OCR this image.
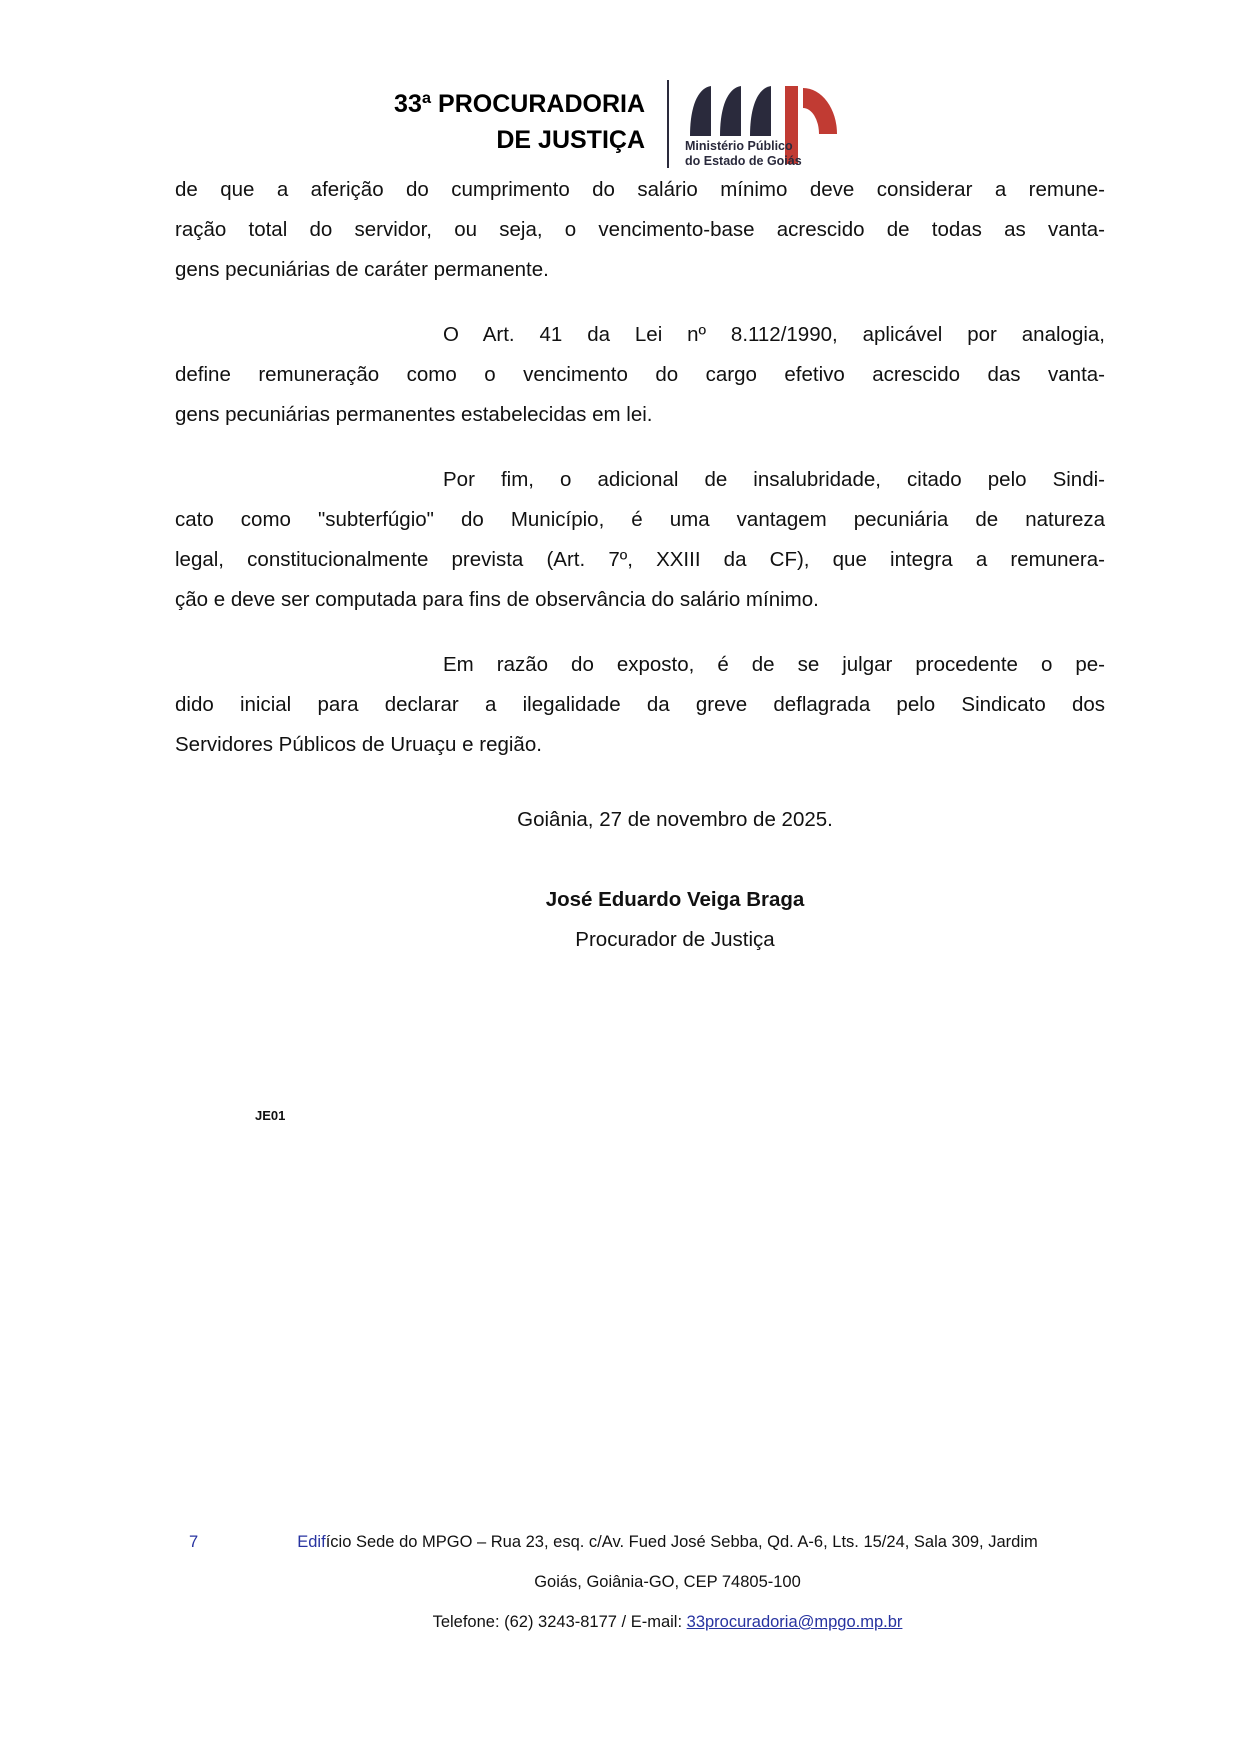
33ª PROCURADORIA
DE JUSTIÇA	Ministério Público
do Estado de Goiás
de que a aferição do cumprimento do salário mínimo deve considerar a remune-
ração total do servidor, ou seja, o vencimento-base acrescido de todas as vanta-
gens pecuniárias de caráter permanente.
O Art. 41 da Lei nº 8.112/1990, aplicável por analogia,
define remuneração como o vencimento do cargo efetivo acrescido das vanta-
gens pecuniárias permanentes estabelecidas em lei.
Por fim, o adicional de insalubridade, citado pelo Sindi-
cato como "subterfúgio" do Município, é uma vantagem pecuniária de natureza
legal, constitucionalmente prevista (Art. 7º, XXIII da CF), que integra a remunera-
ção e deve ser computada para fins de observância do salário mínimo.
Em razão do exposto, é de se julgar procedente o pe-
dido inicial para declarar a ilegalidade da greve deflagrada pelo Sindicato dos
Servidores Públicos de Uruaçu e região.
Goiânia, 27 de novembro de 2025.
José Eduardo Veiga Braga
Procurador de Justiça
JE01
7	Edifício Sede do MPGO – Rua 23, esq. c/Av. Fued José Sebba, Qd. A-6, Lts. 15/24, Sala 309, Jardim
Goiás, Goiânia-GO, CEP 74805-100
Telefone: (62) 3243-8177 / E-mail: 33procuradoria@mpgo.mp.br
